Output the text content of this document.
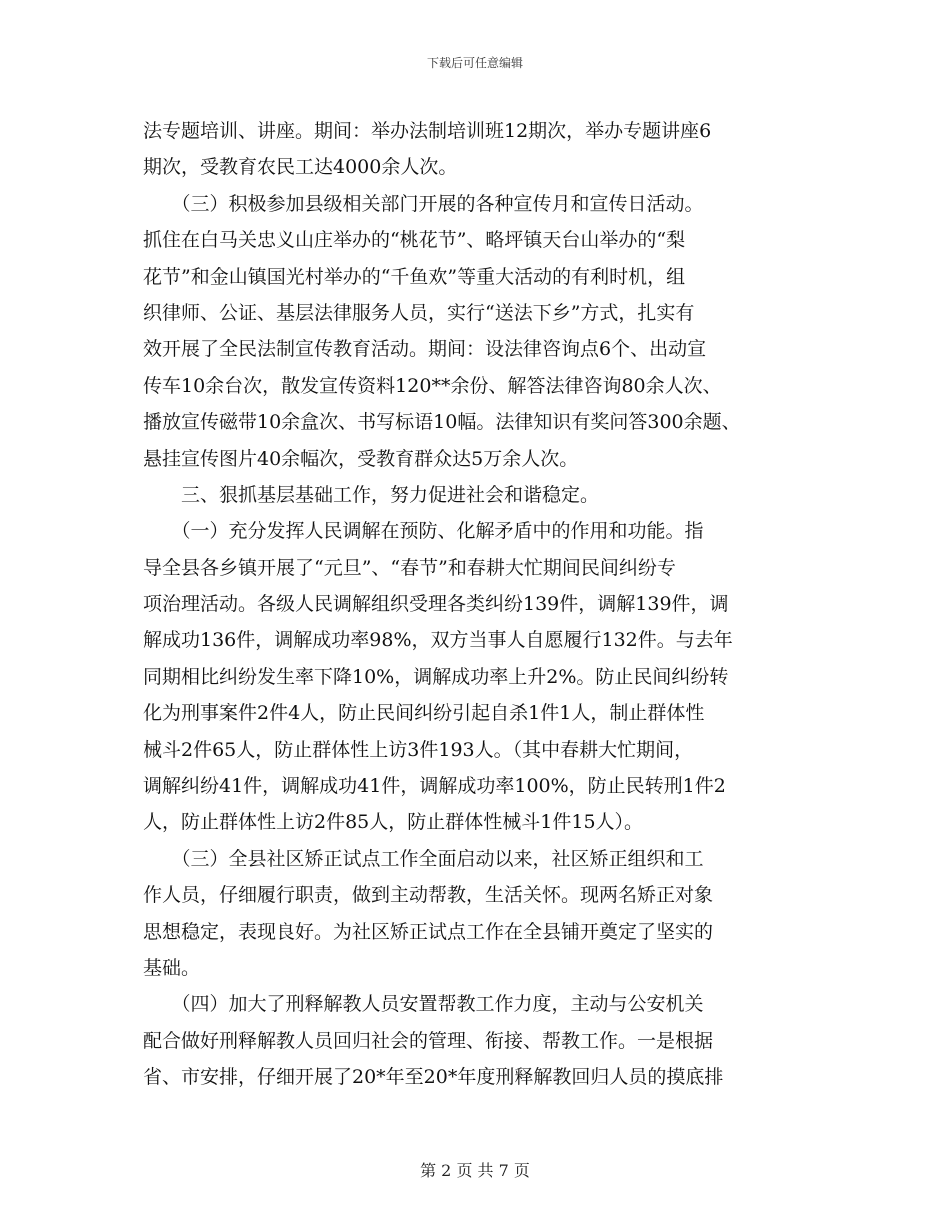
下载后可任意编辑
法专题培训、讲座。期间：举办法制培训班12期次，举办专题讲座6
期次，受教育农民工达4000余人次。
　　（三）积极参加县级相关部门开展的各种宣传月和宣传日活动。
抓住在白马关忠义山庄举办的“桃花节”、略坪镇天台山举办的“梨
花节”和金山镇国光村举办的“千鱼欢”等重大活动的有利时机，组
织律师、公证、基层法律服务人员，实行“送法下乡”方式，扎实有
效开展了全民法制宣传教育活动。期间：设法律咨询点6个、出动宣
传车10余台次，散发宣传资料120**余份、解答法律咨询80余人次、
播放宣传磁带10余盒次、书写标语10幅。法律知识有奖问答300余题、
悬挂宣传图片40余幅次，受教育群众达5万余人次。
　　三、狠抓基层基础工作，努力促进社会和谐稳定。
　　（一）充分发挥人民调解在预防、化解矛盾中的作用和功能。指
导全县各乡镇开展了“元旦”、“春节”和春耕大忙期间民间纠纷专
项治理活动。各级人民调解组织受理各类纠纷139件，调解139件，调
解成功136件，调解成功率98%，双方当事人自愿履行132件。与去年
同期相比纠纷发生率下降10%，调解成功率上升2%。防止民间纠纷转
化为刑事案件2件4人，防止民间纠纷引起自杀1件1人，制止群体性
械斗2件65人，防止群体性上访3件193人。（其中春耕大忙期间，
调解纠纷41件，调解成功41件，调解成功率100%，防止民转刑1件2
人，防止群体性上访2件85人，防止群体性械斗1件15人）。
　　（三）全县社区矫正试点工作全面启动以来，社区矫正组织和工
作人员，仔细履行职责，做到主动帮教，生活关怀。现两名矫正对象
思想稳定，表现良好。为社区矫正试点工作在全县铺开奠定了坚实的
基础。
　　（四）加大了刑释解教人员安置帮教工作力度，主动与公安机关
配合做好刑释解教人员回归社会的管理、衔接、帮教工作。一是根据
省、市安排，仔细开展了20*年至20*年度刑释解教回归人员的摸底排
第 2 页 共 7 页
